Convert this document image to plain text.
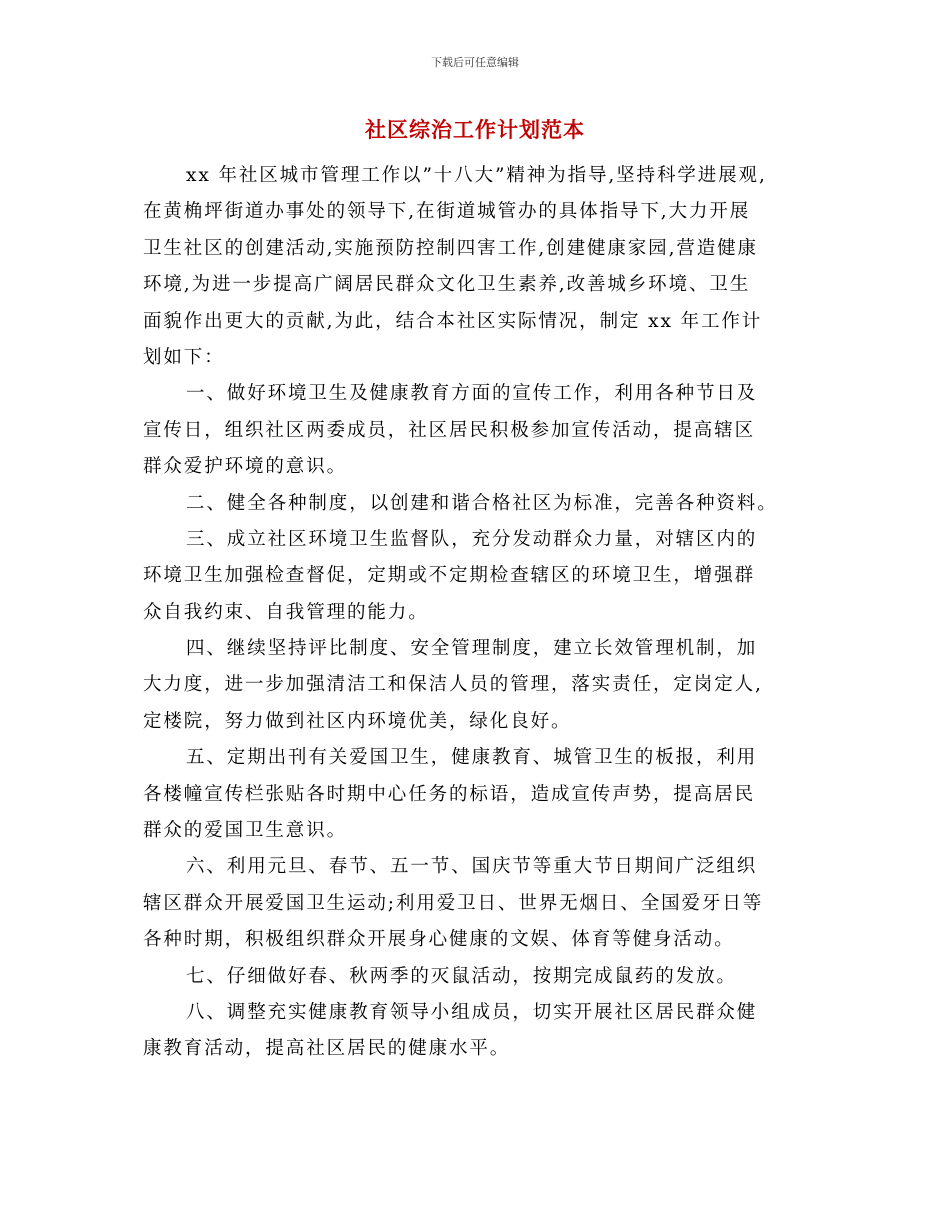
下载后可任意编辑
社区综治工作计划范本
xx 年社区城市管理工作以”十八大”精神为指导,坚持科学进展观,
在黄桷坪街道办事处的领导下,在街道城管办的具体指导下,大力开展
卫生社区的创建活动,实施预防控制四害工作,创建健康家园,营造健康
环境,为进一步提高广阔居民群众文化卫生素养,改善城乡环境、卫生
面貌作出更大的贡献,为此，结合本社区实际情况，制定 xx 年工作计
划如下：
一、做好环境卫生及健康教育方面的宣传工作，利用各种节日及
宣传日，组织社区两委成员，社区居民积极参加宣传活动，提高辖区
群众爱护环境的意识。
二、健全各种制度，以创建和谐合格社区为标准，完善各种资料。
三、成立社区环境卫生监督队，充分发动群众力量，对辖区内的
环境卫生加强检查督促，定期或不定期检查辖区的环境卫生，增强群
众自我约束、自我管理的能力。
四、继续坚持评比制度、安全管理制度，建立长效管理机制，加
大力度，进一步加强清洁工和保洁人员的管理，落实责任，定岗定人,
定楼院，努力做到社区内环境优美，绿化良好。
五、定期出刊有关爱国卫生，健康教育、城管卫生的板报，利用
各楼幢宣传栏张贴各时期中心任务的标语，造成宣传声势，提高居民
群众的爱国卫生意识。
六、利用元旦、春节、五一节、国庆节等重大节日期间广泛组织
辖区群众开展爱国卫生运动;利用爱卫日、世界无烟日、全国爱牙日等
各种时期，积极组织群众开展身心健康的文娱、体育等健身活动。
七、仔细做好春、秋两季的灭鼠活动，按期完成鼠药的发放。
八、调整充实健康教育领导小组成员，切实开展社区居民群众健
康教育活动，提高社区居民的健康水平。
